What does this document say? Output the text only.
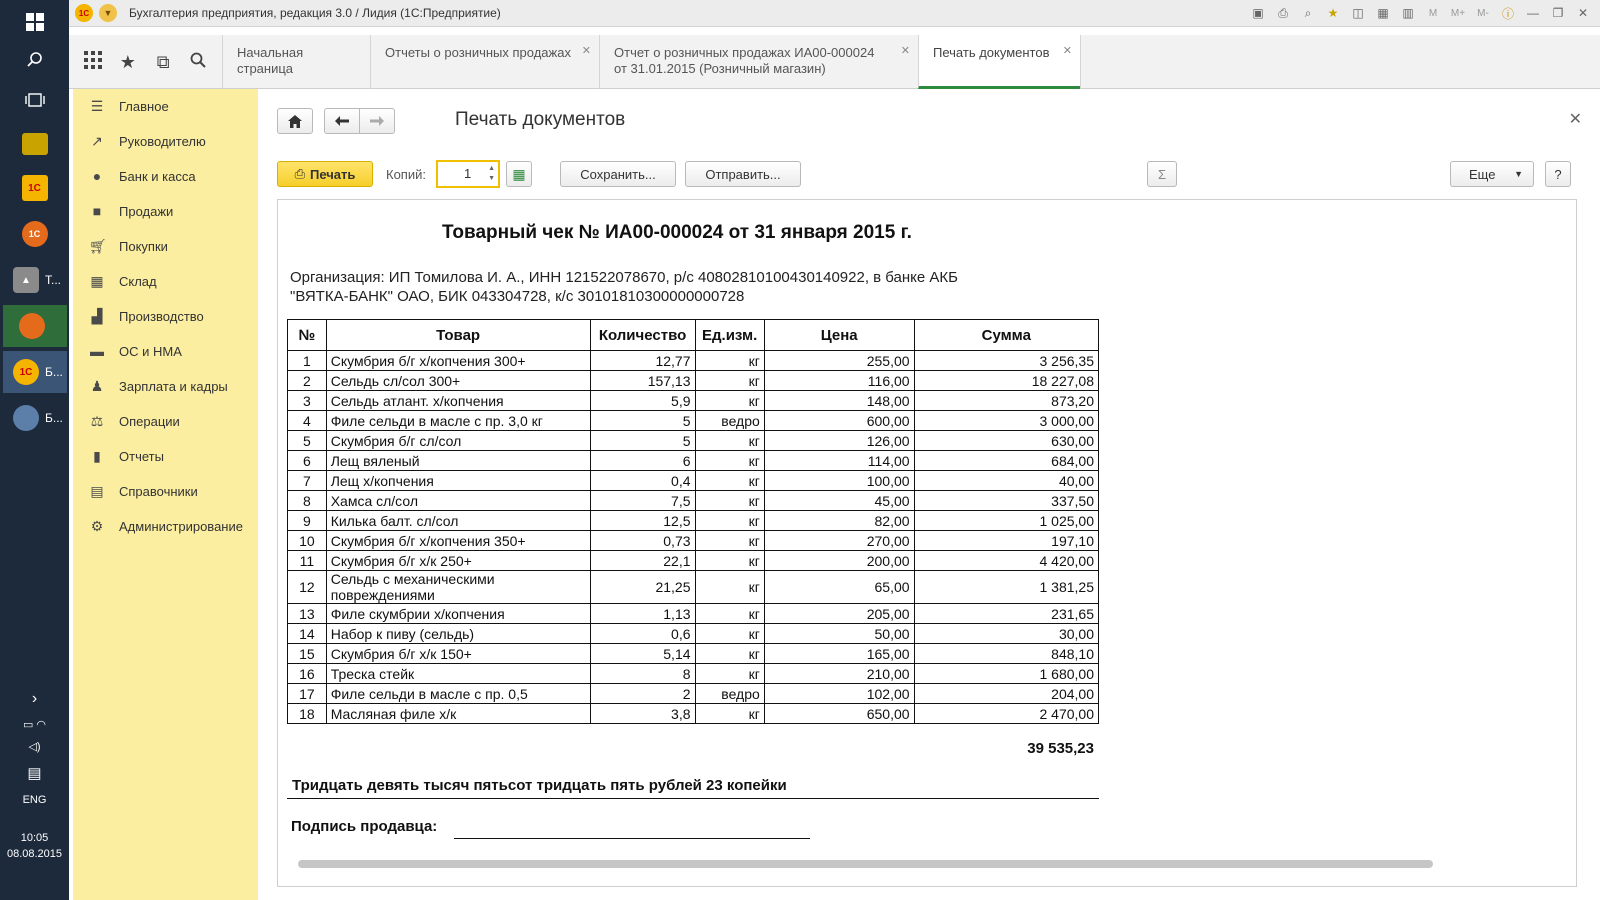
1С
1С
▲	Т...
1С	Б...
Б...
›
▭ ◠
◁)
▤
ENG
10:05
08.08.2015
1С	▼	Бухгалтерия предприятия, редакция 3.0 / Лидия (1С:Предприятие)	▣	⎙	⌕	★	◫ ▦ ▥	M	M+	M- ⓘ —	❐	✕
★	⧉	Начальная страница
Отчеты о розничных продажах ✕	Отчет о розничных продажах ИА00-000024 от 31.01.2015 (Розничный магазин)
✕	Печать документов ✕
☰ Главное
↗ Руководителю
● Банк и касса
■ Продажи
🛒︎ Покупки
▦ Склад
▟ Производство
▬ ОС и НМА
♟ Зарплата и кадры
⚖ Операции
▮	Отчеты
▤ Справочники
⚙ Администрирование
Печать документов	✕
⎙ Печать Копий:	1 ▲
▼ ▦	Сохранить...	Отправить...	Σ	Еще ▼	?
Товарный чек № ИА00-000024 от 31 января 2015 г.
Организация: ИП Томилова И. А., ИНН 121522078670, р/с 40802810100430140922, в банке АКБ
"ВЯТКА-БАНК" ОАО, БИК 043304728, к/с 30101810300000000728
№	Товар	Количество	Ед.изм.	Цена	Сумма
1	Скумбрия б/г х/копчения 300+	12,77	кг	255,00	3 256,35
2	Сельдь сл/сол 300+	157,13	кг	116,00	18 227,08
3	Сельдь атлант. х/копчения	5,9	кг	148,00	873,20
4	Филе сельди в масле с пр. 3,0 кг	5	ведро	600,00	3 000,00
5	Скумбрия б/г сл/сол	5	кг	126,00	630,00
6	Лещ вяленый	6	кг	114,00	684,00
7	Лещ х/копчения	0,4	кг	100,00	40,00
8	Хамса сл/сол	7,5	кг	45,00	337,50
9	Килька балт. сл/сол	12,5	кг	82,00	1 025,00
10	Скумбрия б/г х/копчения 350+	0,73	кг	270,00	197,10
11	Скумбрия б/г х/к 250+	22,1	кг	200,00	4 420,00
12	Сельдь с механическими повреждениями	21,25	кг	65,00	1 381,25
13	Филе скумбрии х/копчения	1,13	кг	205,00	231,65
14	Набор к пиву (сельдь)	0,6	кг	50,00	30,00
15	Скумбрия б/г х/к 150+	5,14	кг	165,00	848,10
16	Треска стейк	8	кг	210,00	1 680,00
17	Филе сельди в масле с пр. 0,5	2	ведро	102,00	204,00
18	Масляная филе х/к	3,8	кг	650,00	2 470,00
39 535,23
Тридцать девять тысяч пятьсот тридцать пять рублей 23 копейки
Подпись продавца:
